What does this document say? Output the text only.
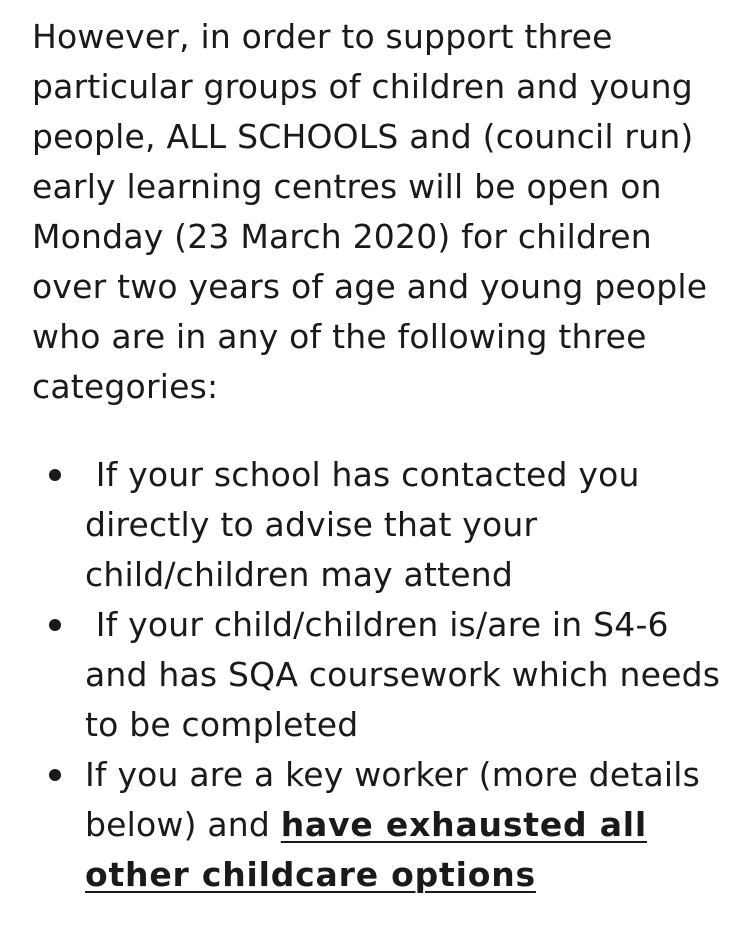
However, in order to support three particular groups of children and young people, ALL SCHOOLS and (council run) early learning centres will be open on Monday (23 March 2020) for children over two years of age and young people who are in any of the following three categories:

If your school has contacted you directly to advise that your child/children may attend
If your child/children is/are in S4-6 and has SQA coursework which needs to be completed
If you are a key worker (more details below) and have exhausted all other childcare options
